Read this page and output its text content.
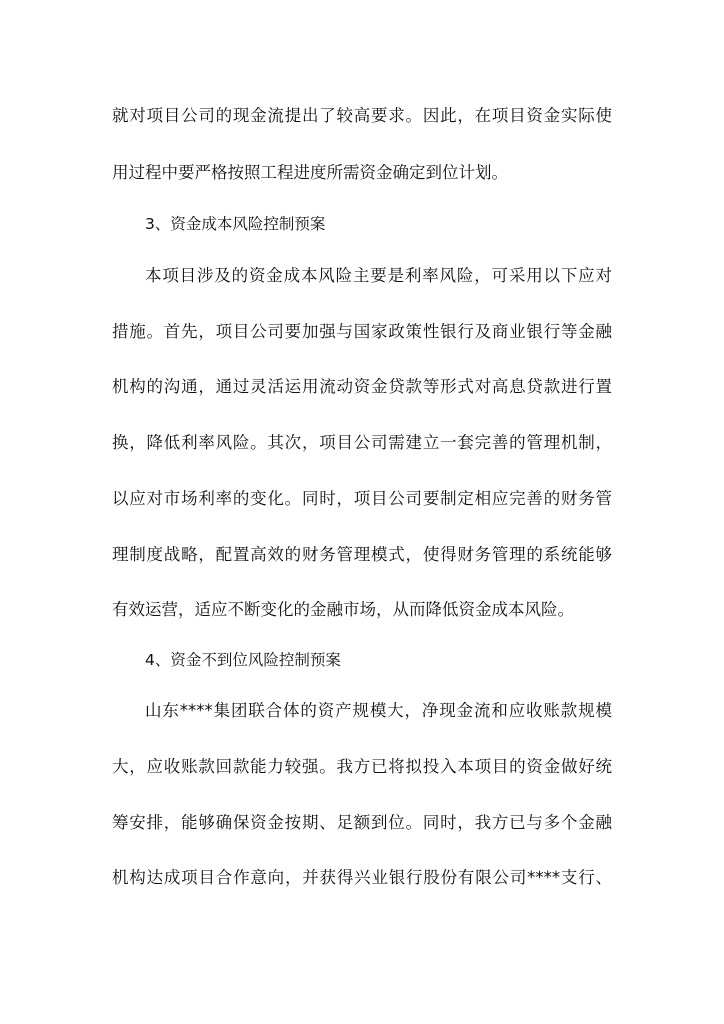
就对项目公司的现金流提出了较高要求。因此，在项目资金实际使
用过程中要严格按照工程进度所需资金确定到位计划。
3、资金成本风险控制预案
本项目涉及的资金成本风险主要是利率风险，可采用以下应对
措施。首先，项目公司要加强与国家政策性银行及商业银行等金融
机构的沟通，通过灵活运用流动资金贷款等形式对高息贷款进行置
换，降低利率风险。其次，项目公司需建立一套完善的管理机制，
以应对市场利率的变化。同时，项目公司要制定相应完善的财务管
理制度战略，配置高效的财务管理模式，使得财务管理的系统能够
有效运营，适应不断变化的金融市场，从而降低资金成本风险。
4、资金不到位风险控制预案
山东****集团联合体的资产规模大，净现金流和应收账款规模
大，应收账款回款能力较强。我方已将拟投入本项目的资金做好统
筹安排，能够确保资金按期、足额到位。同时，我方已与多个金融
机构达成项目合作意向，并获得兴业银行股份有限公司****支行、
